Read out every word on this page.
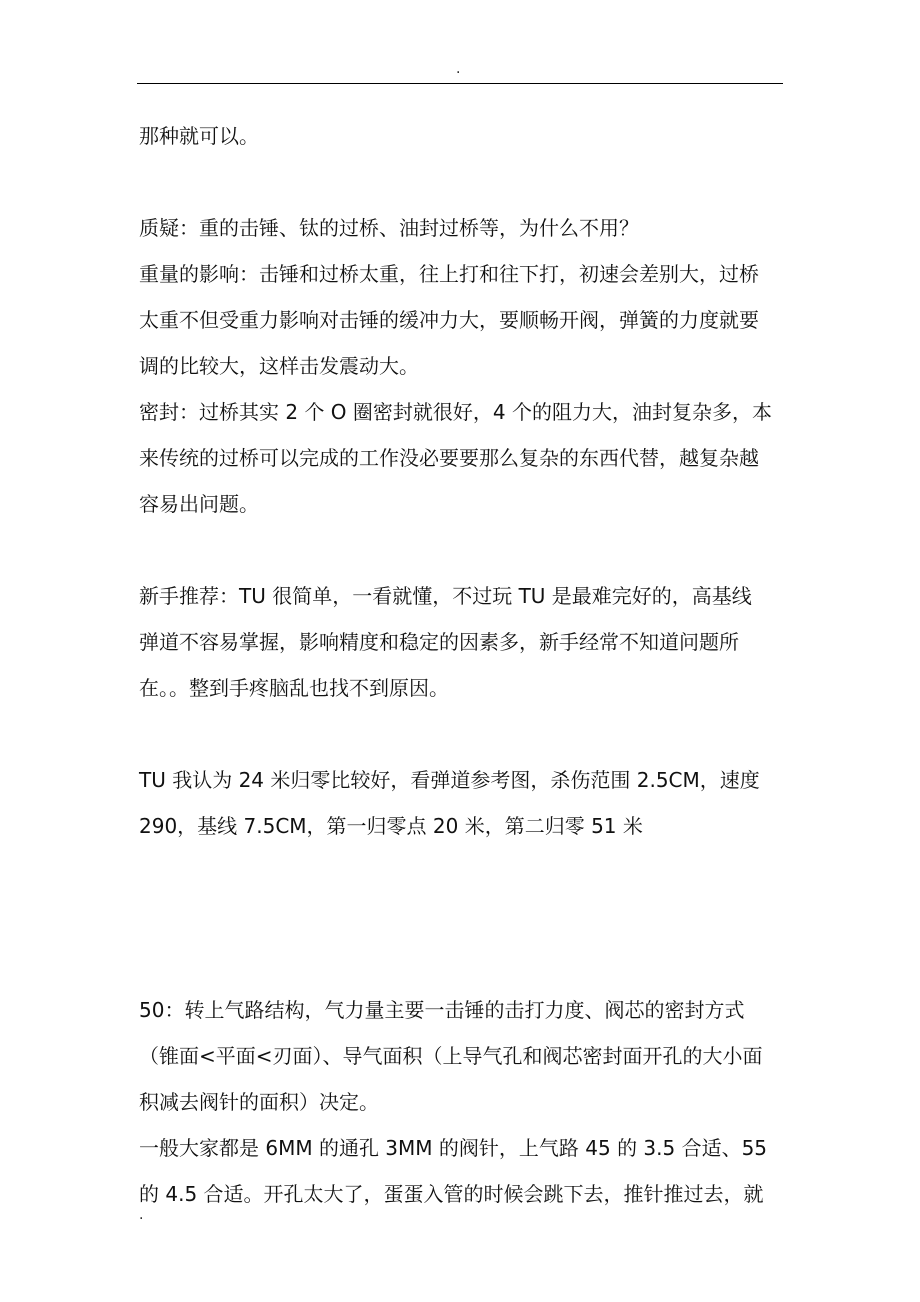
.

那种就可以。

质疑：重的击锤、钛的过桥、油封过桥等，为什么不用？

重量的影响：击锤和过桥太重，往上打和往下打，初速会差别大，过桥
太重不但受重力影响对击锤的缓冲力大，要顺畅开阀，弹簧的力度就要
调的比较大，这样击发震动大。

密封：过桥其实 2 个 O 圈密封就很好，4 个的阻力大，油封复杂多，本
来传统的过桥可以完成的工作没必要要那么复杂的东西代替，越复杂越
容易出问题。

新手推荐：TU 很简单，一看就懂，不过玩 TU 是最难完好的，高基线
弹道不容易掌握，影响精度和稳定的因素多，新手经常不知道问题所
在。。整到手疼脑乱也找不到原因。

TU 我认为 24 米归零比较好，看弹道参考图，杀伤范围 2.5CM，速度
290，基线 7.5CM，第一归零点 20 米，第二归零 51 米

50：转上气路结构，气力量主要一击锤的击打力度、阀芯的密封方式
（锥面<平面<刃面）、导气面积（上导气孔和阀芯密封面开孔的大小面
积减去阀针的面积）决定。

一般大家都是 6MM 的通孔 3MM 的阀针，上气路 45 的 3.5 合适、55
的 4.5 合适。开孔太大了，蛋蛋入管的时候会跳下去，推针推过去，就

.
